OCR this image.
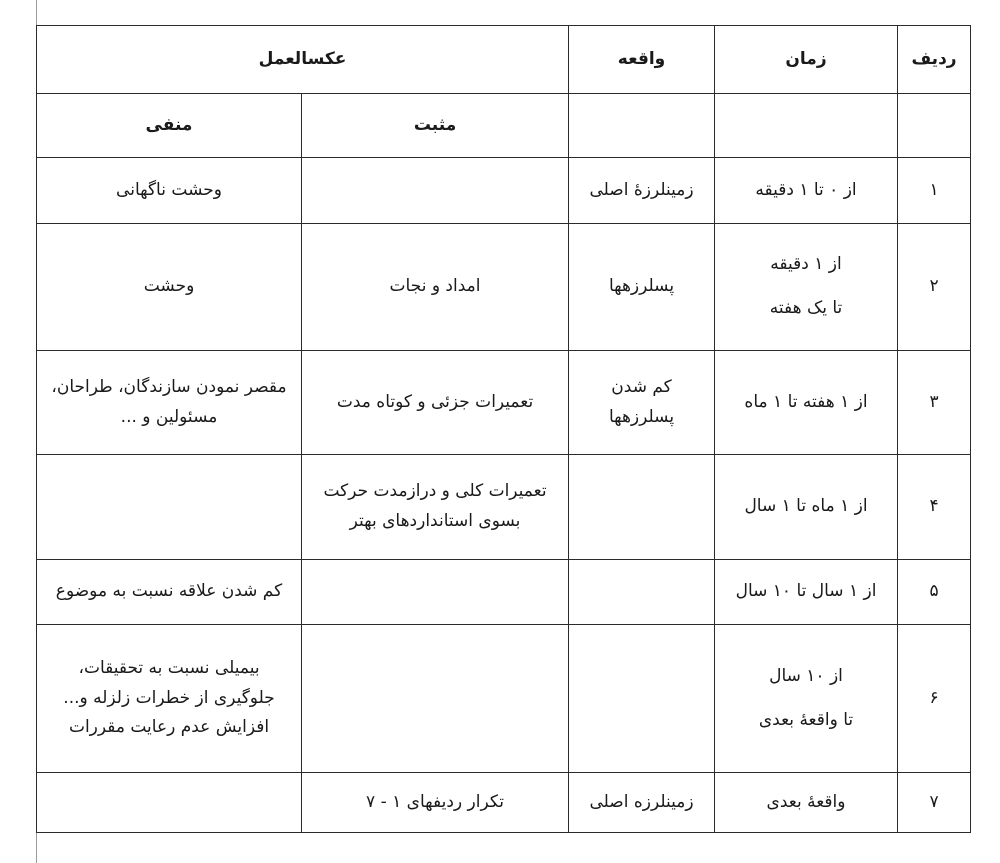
ردیف	زمان	واقعه	عکسالعمل	
			مثبت	منفی
۱	از ۰ تا ۱ دقیقه	زمینلرزهٔ اصلی		وحشت ناگهانی

۲	از ۱ دقیقه
تا یک هفته	پسلرزهها	امداد و نجات	وحشت

۳	از ۱ هفته تا ۱ ماه	کم شدن
پسلرزهها	تعمیرات جزئی و کوتاه مدت	مقصر نمودن سازندگان، طراحان،
مسئولین و ...

۴	از ۱ ماه تا ۱ سال		تعمیرات کلی و درازمدت حرکت
بسوی استانداردهای بهتر	

۵	از ۱ سال تا ۱۰ سال			کم شدن علاقه نسبت به موضوع

۶	از ۱۰ سال
تا واقعهٔ بعدی			بیمیلی نسبت به تحقیقات،
جلوگیری از خطرات زلزله و...
افزایش عدم رعایت مقررات

۷	واقعهٔ بعدی	زمینلرزه اصلی	تکرار ردیفهای ۱ - ۷	
